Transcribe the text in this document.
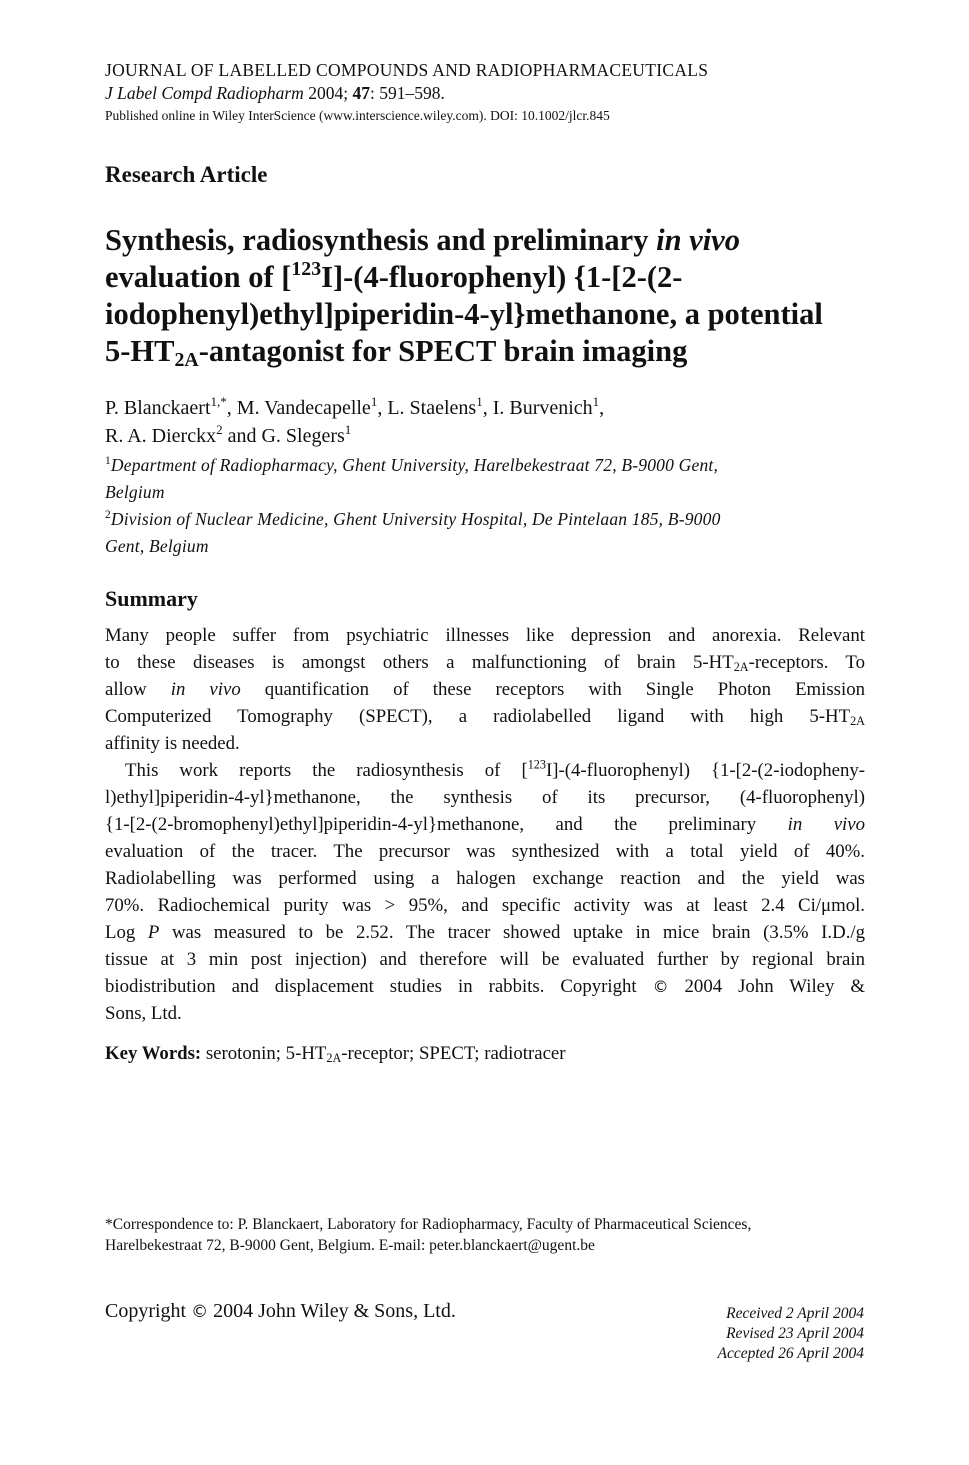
JOURNAL OF LABELLED COMPOUNDS AND RADIOPHARMACEUTICALS
J Label Compd Radiopharm 2004; 47: 591–598.
Published online in Wiley InterScience (www.interscience.wiley.com). DOI: 10.1002/jlcr.845
Research Article
Synthesis, radiosynthesis and preliminary in vivo
evaluation of [$^{123}$I]-(4-fluorophenyl) {1-[2-(2-
iodophenyl)ethyl]piperidin-4-yl}methanone, a potential
$5-HT_{2A}$-antagonist for SPECT brain imaging
P. Blanckaert$^{1,*}$, M. Vandecapelle$^1$, L. Staelens$^1$, I. Burvenich$^1$,
R. A. Dierckx$^2$ and G. Slegers$^1$
$^1$Department of Radiopharmacy, Ghent University, Harelbekestraat 72, B-9000 Gent,
Belgium
$^2$Division of Nuclear Medicine, Ghent University Hospital, De Pintelaan 185, B-9000
Gent, Belgium
Summary

Many people suffer from psychiatric illnesses like depression and anorexia. Relevant
to these diseases is amongst others a malfunctioning of brain $5-HT_{2A}$-receptors. To
allow in vivo quantification of these receptors with Single Photon Emission
Computerized Tomography (SPECT), a radiolabelled ligand with high $5-HT_{2A}$
affinity is needed.

This work reports the radiosynthesis of [$^{123}$I]-(4-fluorophenyl) {1-[2-(2-iodopheny-
l)ethyl]piperidin-4-yl}methanone, the synthesis of its precursor, (4-fluorophenyl)
{1-[2-(2-bromophenyl)ethyl]piperidin-4-yl}methanone, and the preliminary in vivo
evaluation of the tracer. The precursor was synthesized with a total yield of 40%.
Radiolabelling was performed using a halogen exchange reaction and the yield was
70%. Radiochemical purity was > 95%, and specific activity was at least 2.4 Ci/μmol.
Log P was measured to be 2.52. The tracer showed uptake in mice brain (3.5% I.D./g
tissue at 3 min post injection) and therefore will be evaluated further by regional brain
biodistribution and displacement studies in rabbits. Copyright © 2004 John Wiley &
Sons, Ltd.

Key Words: serotonin; $5-HT_{2A}$-receptor; SPECT; radiotracer
*Correspondence to: P. Blanckaert, Laboratory for Radiopharmacy, Faculty of Pharmaceutical Sciences,
Harelbekestraat 72, B-9000 Gent, Belgium. E-mail: peter.blanckaert@ugent.be
Copyright © 2004 John Wiley & Sons, Ltd.	Received 2 April 2004
Revised 23 April 2004
Accepted 26 April 2004
